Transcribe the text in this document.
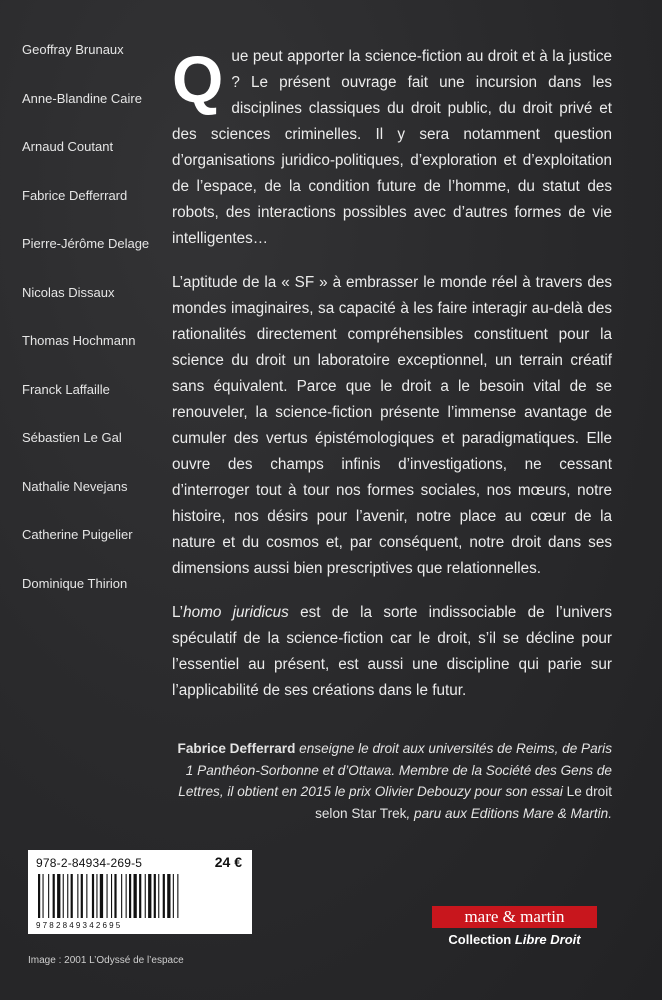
Geoffray Brunaux
Anne-Blandine Caire
Arnaud Coutant
Fabrice Defferrard
Pierre-Jérôme Delage
Nicolas Dissaux
Thomas Hochmann
Franck Laffaille
Sébastien Le Gal
Nathalie Nevejans
Catherine Puigelier
Dominique Thirion

Que peut apporter la science-fiction au droit et à la justice ? Le présent ouvrage fait une incursion dans les disciplines classiques du droit public, du droit privé et des sciences criminelles. Il y sera notamment question d’organisations juridico-politiques, d’exploration et d’exploitation de l’espace, de la condition future de l’homme, du statut des robots, des interactions possibles avec d’autres formes de vie intelligentes…

L’aptitude de la « SF » à embrasser le monde réel à travers des mondes imaginaires, sa capacité à les faire interagir au-delà des rationalités directement compréhensibles constituent pour la science du droit un laboratoire exceptionnel, un terrain créatif sans équivalent. Parce que le droit a le besoin vital de se renouveler, la science-fiction présente l’immense avantage de cumuler des vertus épistémologiques et paradigmatiques. Elle ouvre des champs infinis d’investigations, ne cessant d’interroger tout à tour nos formes sociales, nos mœurs, notre histoire, nos désirs pour l’avenir, notre place au cœur de la nature et du cosmos et, par conséquent, notre droit dans ses dimensions aussi bien prescriptives que relationnelles.

L’homo juridicus est de la sorte indissociable de l’univers spéculatif de la science-fiction car le droit, s’il se décline pour l’essentiel au présent, est aussi une discipline qui parie sur l’applicabilité de ses créations dans le futur.

Fabrice Defferrard enseigne le droit aux universités de Reims, de Paris 1 Panthéon-Sorbonne et d’Ottawa. Membre de la Société des Gens de Lettres, il obtient en 2015 le prix Olivier Debouzy pour son essai Le droit selon Star Trek, paru aux Editions Mare & Martin.
978-2-84934-269-5	24 €
9782849342695	mare & martin
Collection Libre Droit
Image : 2001 L’Odyssé de l’espace
